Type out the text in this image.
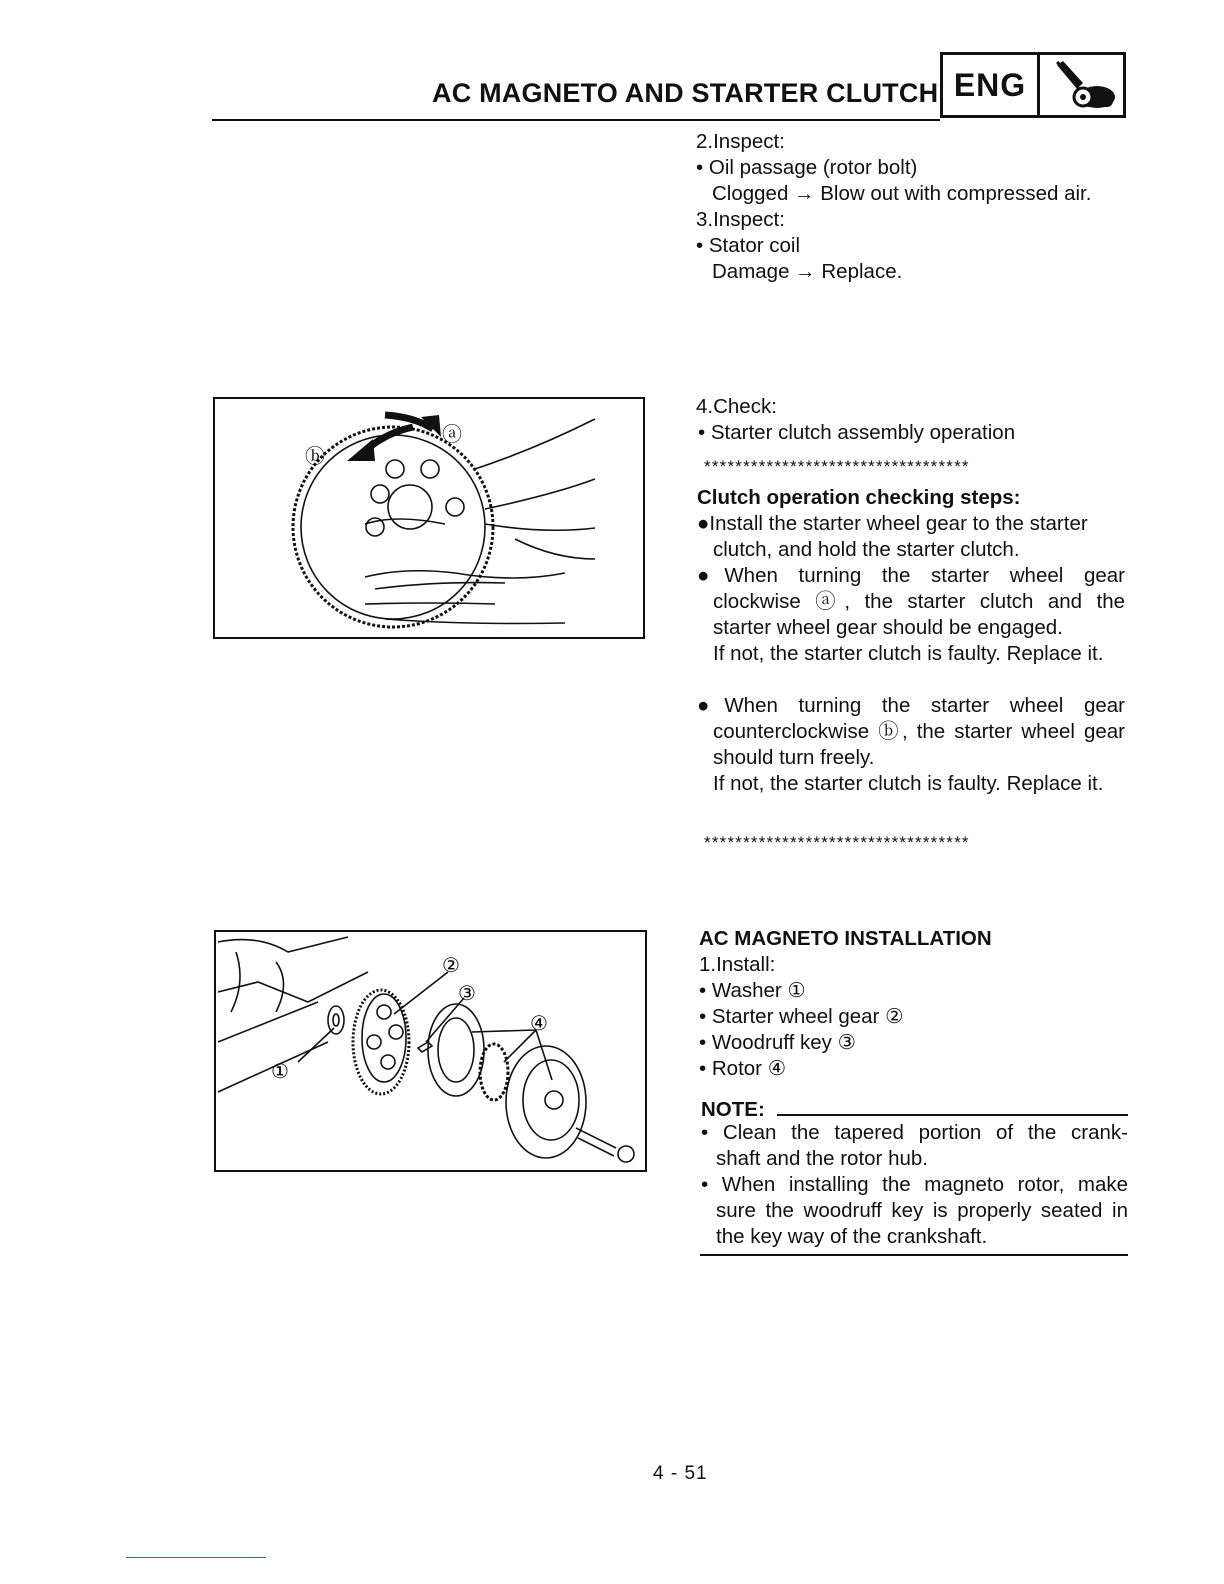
AC MAGNETO AND STARTER CLUTCH ENG
2.Inspect:
• Oil passage (rotor bolt)
Clogged → Blow out with compressed air.
3.Inspect:
• Stator coil
Damage → Replace.
ⓐ
ⓑ
4.Check:
• Starter clutch assembly operation
**********************************
Clutch operation checking steps:
●Install the starter wheel gear to the starter
clutch, and hold the starter clutch.
●When turning the starter wheel gear
clockwise ⓐ, the starter clutch and the starter wheel gear should be engaged.
If not, the starter clutch is faulty. Replace it.
●When turning the starter wheel gear
counterclockwise ⓑ, the starter wheel gear should turn freely.
If not, the starter clutch is faulty. Replace it.
**********************************
①
②
③
④
AC MAGNETO INSTALLATION
1.Install:
• Washer ①
• Starter wheel gear ②
• Woodruff key ③
• Rotor ④
NOTE:
• Clean the tapered portion of the crank-
shaft and the rotor hub.
• When installing the magneto rotor, make
sure the woodruff key is properly seated in the key way of the crankshaft.
4 - 51
